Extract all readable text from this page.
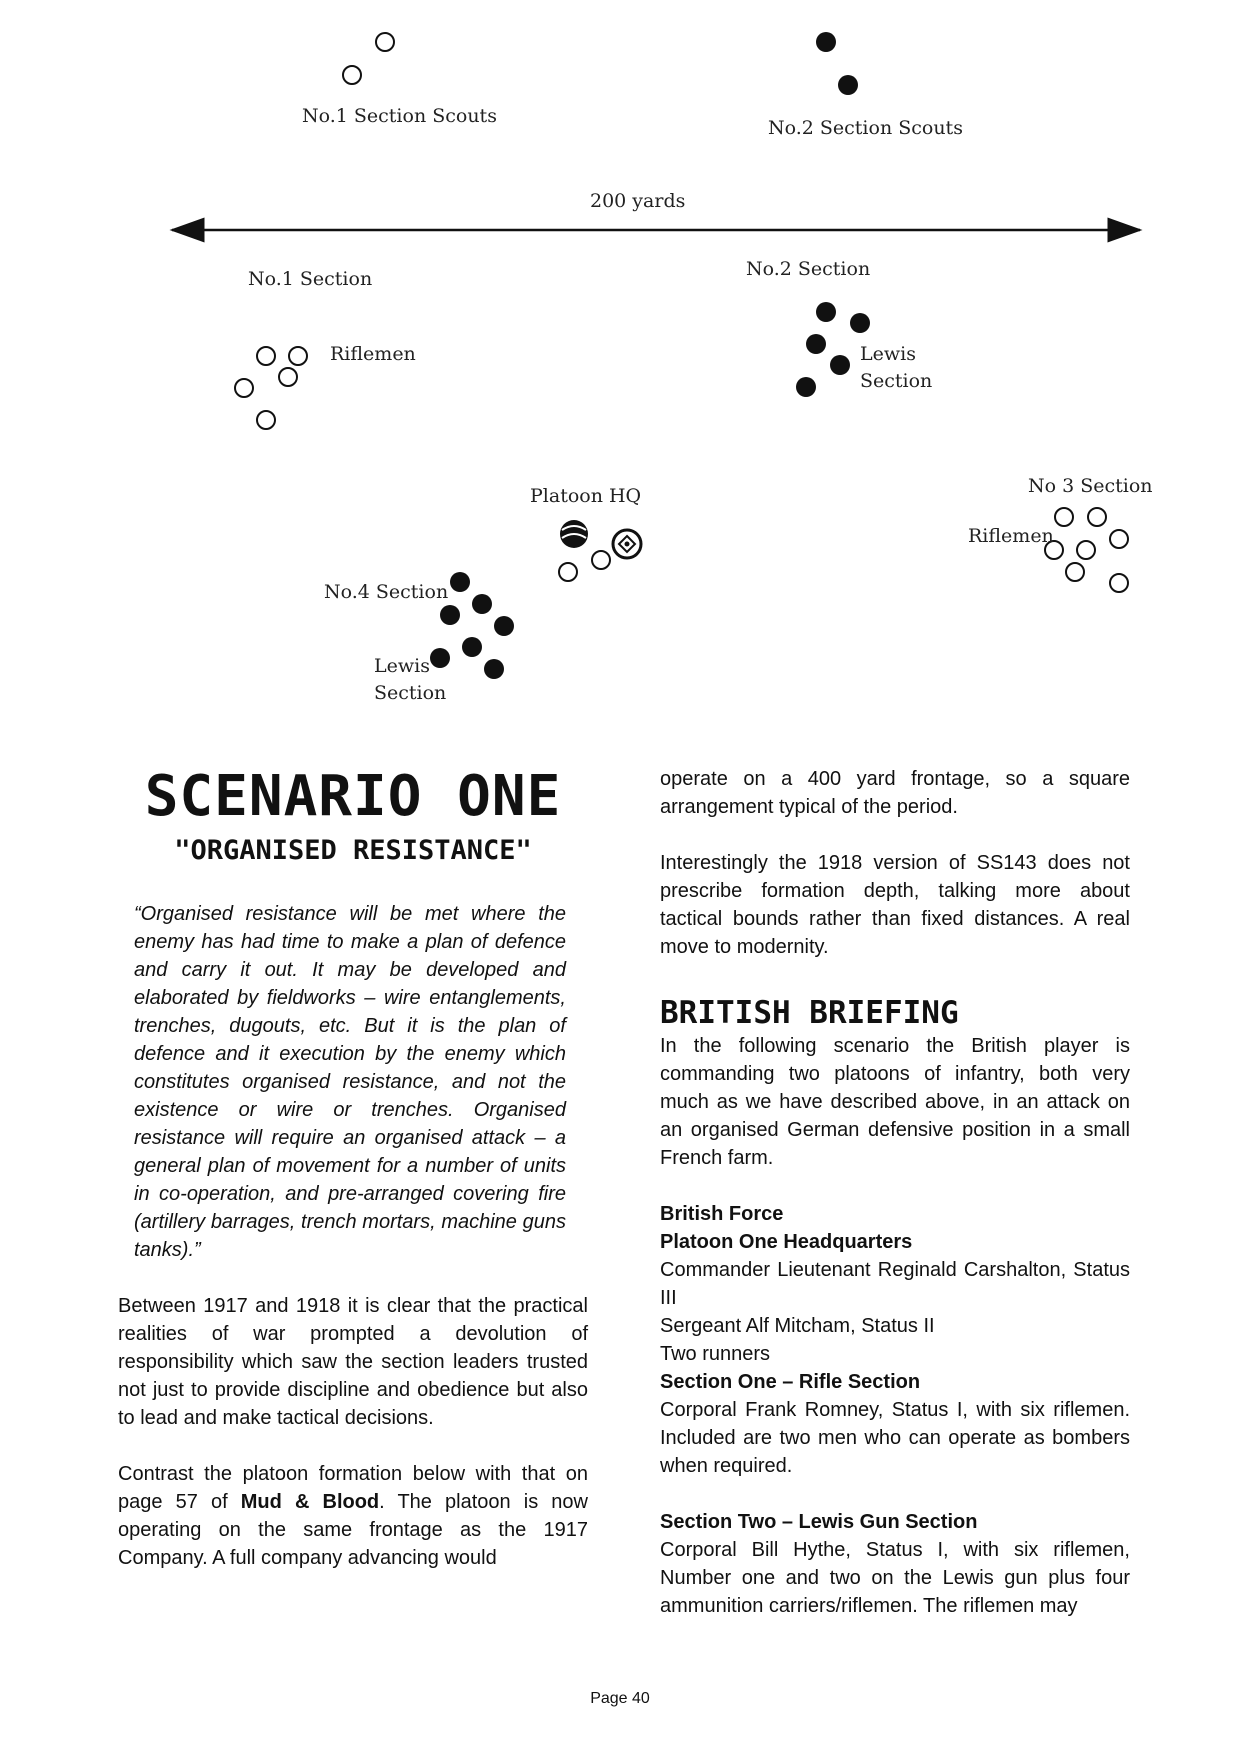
No.1 Section Scouts
No.2 Section Scouts
200 yards
No.1 Section
Riflemen
No.2 Section
Lewis
Section
Platoon HQ	No 3 Section
Riflemen
No.4 Section
Lewis
Section
SCENARIO ONE
"ORGANISED RESISTANCE"

“Organised resistance will be met where the enemy has had time to make a plan of defence and carry it out. It may be developed and elaborated by fieldworks – wire entanglements, trenches, dugouts, etc. But it is the plan of defence and it execution by the enemy which constitutes organised resistance, and not the existence or wire or trenches. Organised resistance will require an organised attack – a general plan of movement for a number of units in co-operation, and pre-arranged covering fire (artillery barrages, trench mortars, machine guns tanks).”

Between 1917 and 1918 it is clear that the practical realities of war prompted a devolution of responsibility which saw the section leaders trusted not just to provide discipline and obedience but also to lead and make tactical decisions.

Contrast the platoon formation below with that on page 57 of Mud & Blood. The platoon is now operating on the same frontage as the 1917 Company. A full company advancing would

operate on a 400 yard frontage, so a square arrangement typical of the period.

Interestingly the 1918 version of SS143 does not prescribe formation depth, talking more about tactical bounds rather than fixed distances. A real move to modernity.

BRITISH BRIEFING

In the following scenario the British player is commanding two platoons of infantry, both very much as we have described above, in an attack on an organised German defensive position in a small French farm.

British Force

Platoon One Headquarters

Commander Lieutenant Reginald Carshalton, Status III

Sergeant Alf Mitcham, Status II

Two runners

Section One – Rifle Section

Corporal Frank Romney, Status I, with six riflemen. Included are two men who can operate as bombers when required.

Section Two – Lewis Gun Section

Corporal Bill Hythe, Status I, with six riflemen, Number one and two on the Lewis gun plus four ammunition carriers/riflemen. The riflemen may

Page 40
